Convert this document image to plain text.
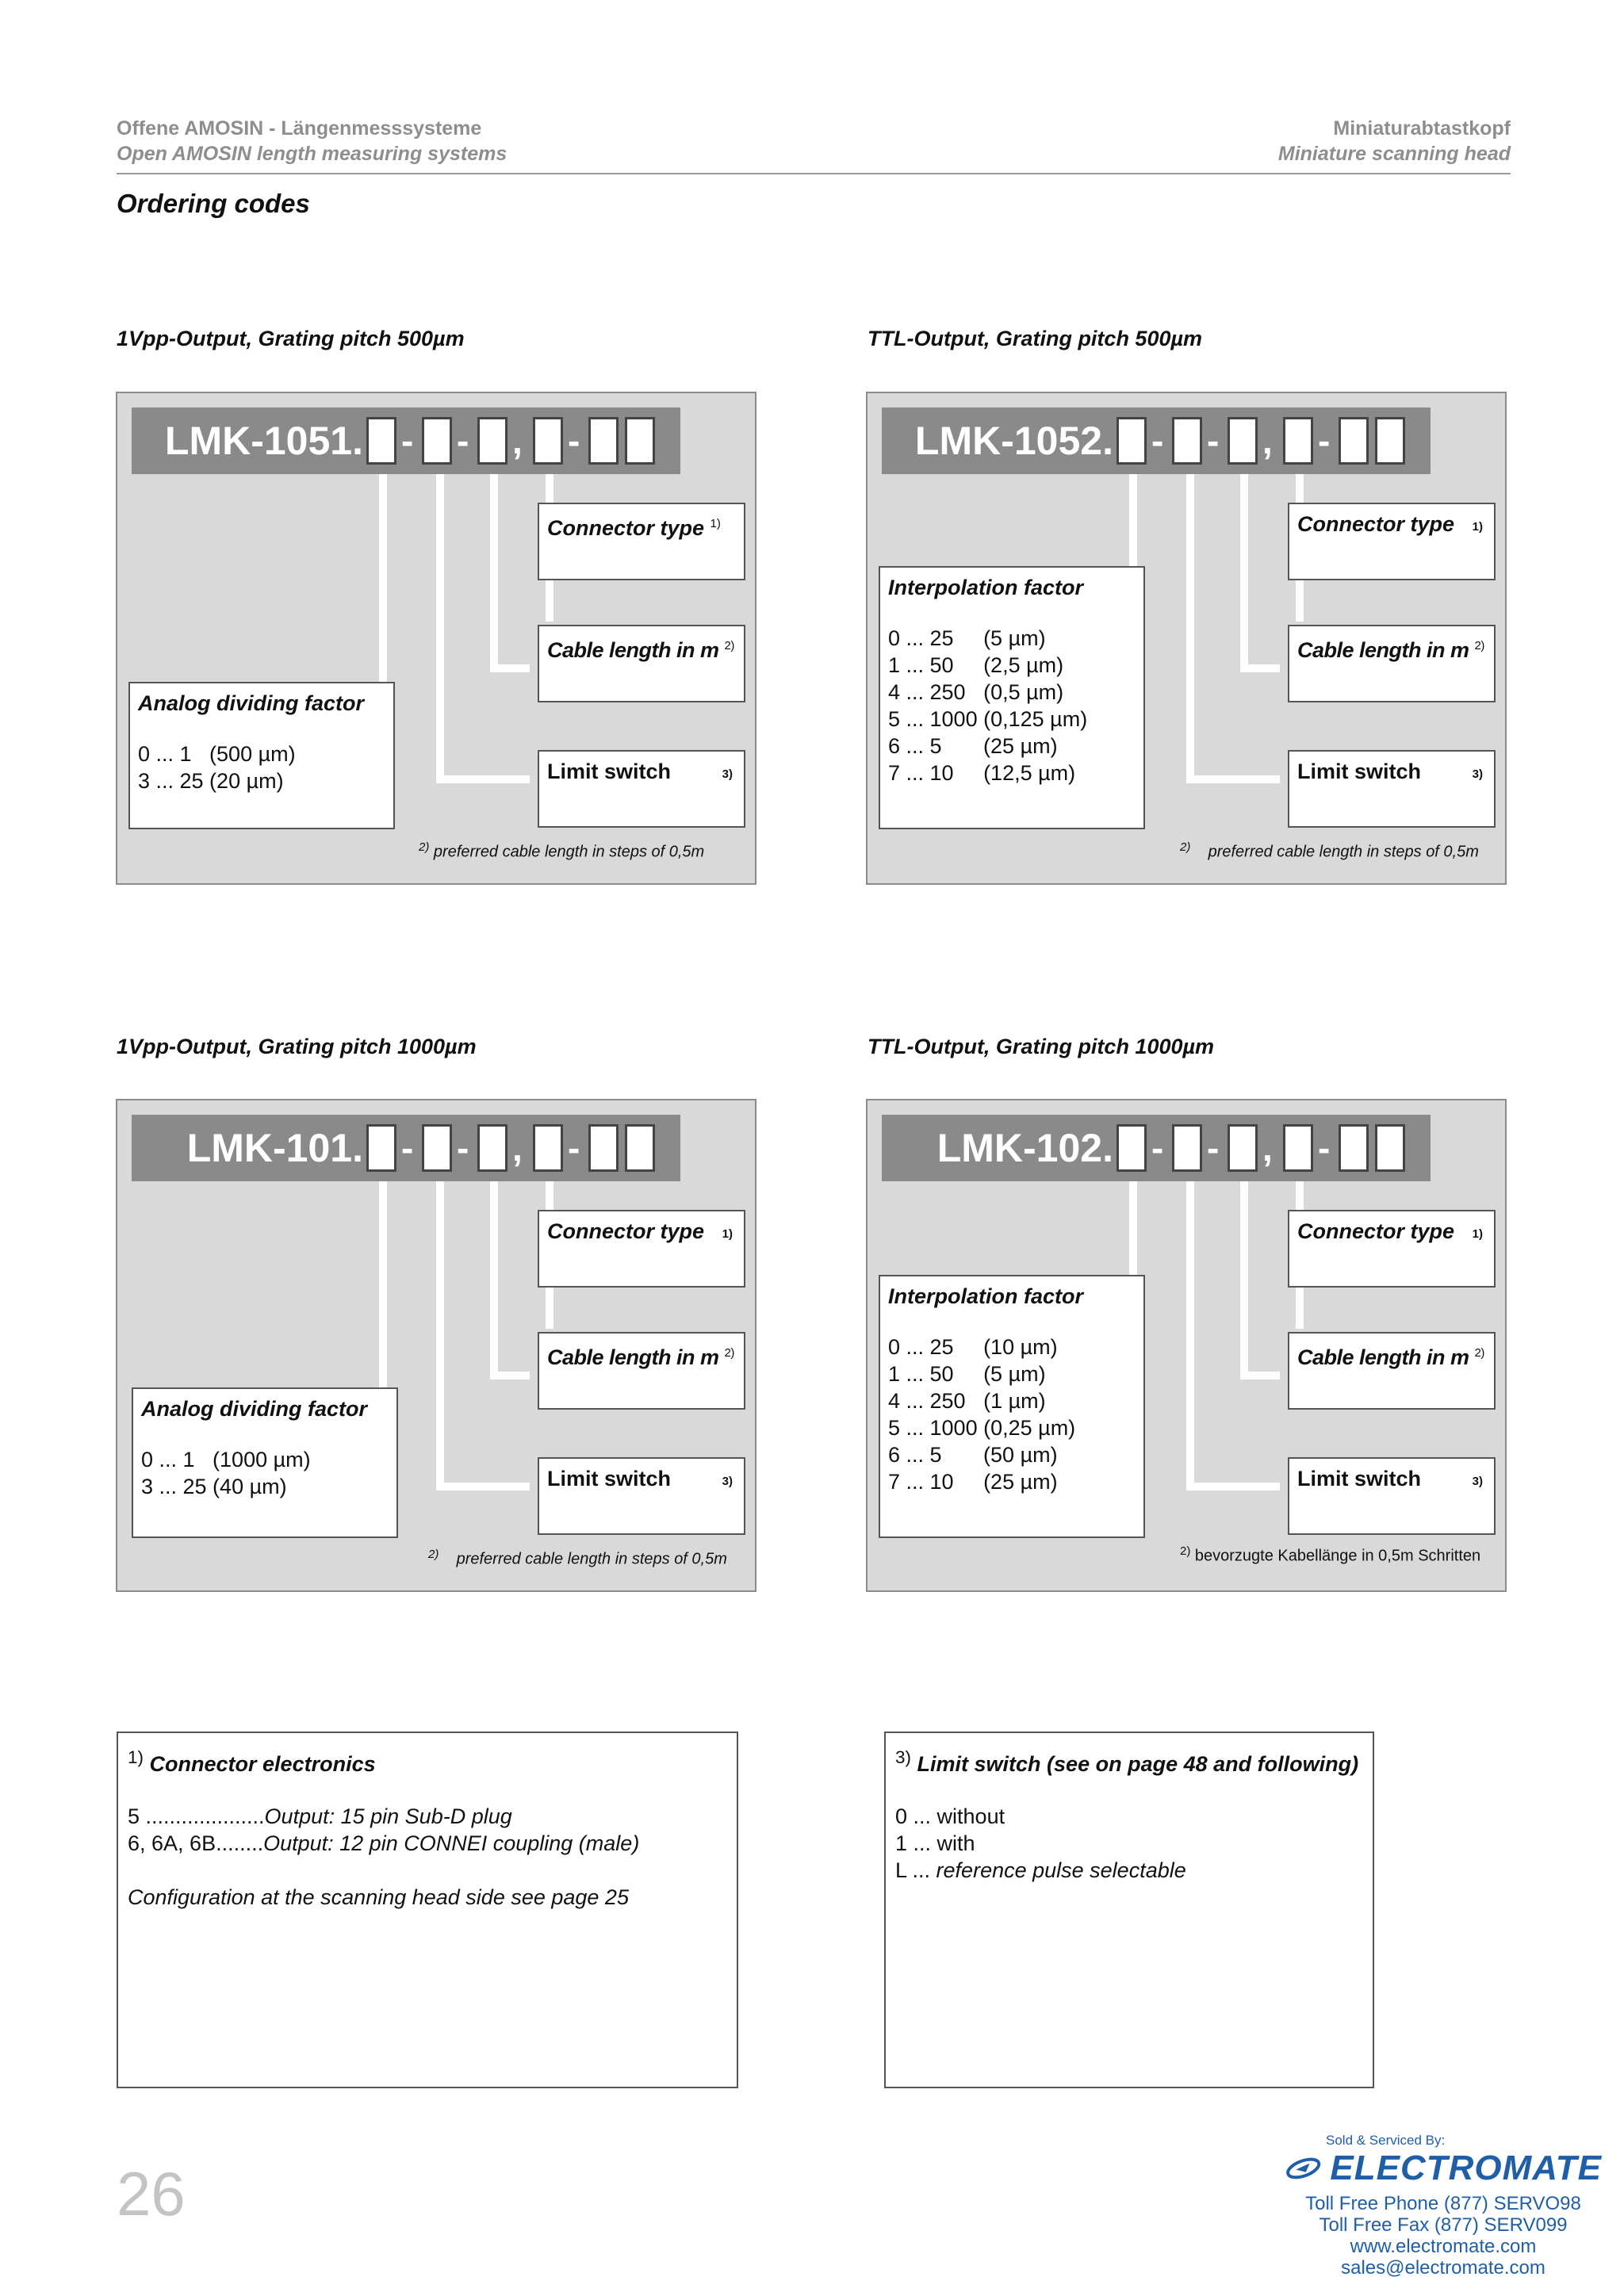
Offene AMOSIN - Längenmesssysteme
Open AMOSIN length measuring systems
Miniaturabtastkopf
Miniature scanning head
Ordering codes
1Vpp-Output, Grating pitch 500µm	TTL-Output, Grating pitch 500µm
1Vpp-Output, Grating pitch 1000µm	TTL-Output, Grating pitch 1000µm
LMK-1051. - - , -
Analog dividing factor
0 ... 1   (500 µm)
3 ... 25 (20 µm)
Connector type $^{1)}$
Cable length in m $^{2)}$
Limit switch	3)
$^{2)}$ preferred cable length in steps of 0,5m
LMK-1052. - - , -
Interpolation factor
0 ... 25     (5 µm)
1 ... 50     (2,5 µm)
4 ... 250   (0,5 µm)
5 ... 1000 (0,125 µm)
6 ... 5       (25 µm)
7 ... 10     (12,5 µm)
Connector type 1)
Cable length in m $^{2)}$
Limit switch	3)
$^{2)}$ preferred cable length in steps of 0,5m
LMK-101. - - , -
Analog dividing factor
0 ... 1   (1000 µm)
3 ... 25 (40 µm)
Connector type 1)
Cable length in m $^{2)}$
Limit switch	3)
$^{2)}$ preferred cable length in steps of 0,5m
LMK-102. - - , -
Interpolation factor
0 ... 25     (10 µm)
1 ... 50     (5 µm)
4 ... 250   (1 µm)
5 ... 1000 (0,25 µm)
6 ... 5       (50 µm)
7 ... 10     (25 µm)
Connector type 1)
Cable length in m $^{2)}$
Limit switch	3)
$^{2)}$ bevorzugte Kabellänge in 0,5m Schritten
$^{1)}$ Connector electronics
5 ....................Output: 15 pin Sub-D plug
6, 6A, 6B........Output: 12 pin CONNEI coupling (male)
Configuration at the scanning head side see page 25
$^{3)}$ Limit switch (see on page 48 and following)
0 ... without
1 ... with
L ... reference pulse selectable
26
Sold & Serviced By:
ELECTROMATE
Toll Free Phone (877) SERVO98
Toll Free Fax (877) SERV099
www.electromate.com
sales@electromate.com
